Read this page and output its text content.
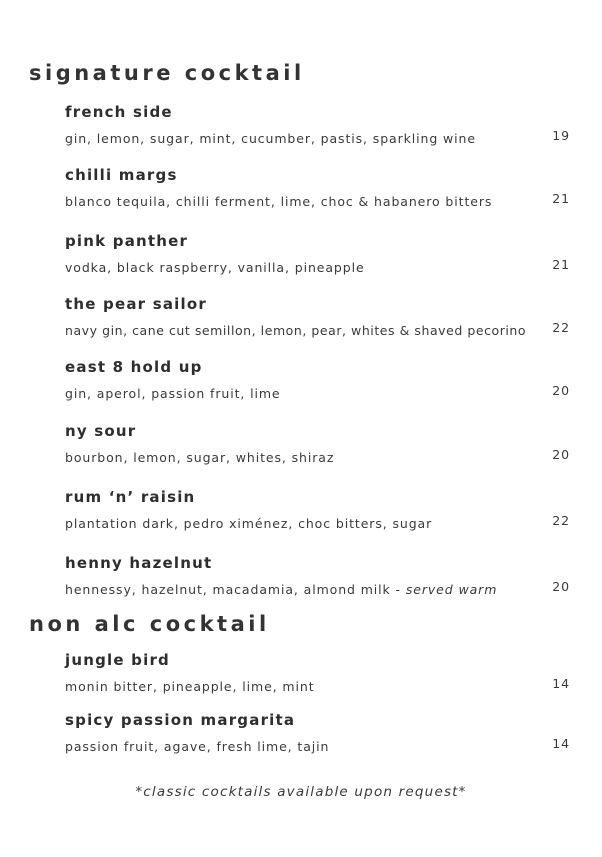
signature cocktail
french side
gin, lemon, sugar, mint, cucumber, pastis, sparkling wine	19
chilli margs
blanco tequila, chilli ferment, lime, choc & habanero bitters	21
pink panther
vodka, black raspberry, vanilla, pineapple	21
the pear sailor
navy gin, cane cut semillon, lemon, pear, whites & shaved pecorino 22
east 8 hold up
gin, aperol, passion fruit, lime	20
ny sour
bourbon, lemon, sugar, whites, shiraz	20
rum ‘n’ raisin
plantation dark, pedro ximénez, choc bitters, sugar	22
henny hazelnut
hennessy, hazelnut, macadamia, almond milk - served warm	20
non alc cocktail
jungle bird
monin bitter, pineapple, lime, mint	14
spicy passion margarita
passion fruit, agave, fresh lime, tajin	14
*classic cocktails available upon request*
